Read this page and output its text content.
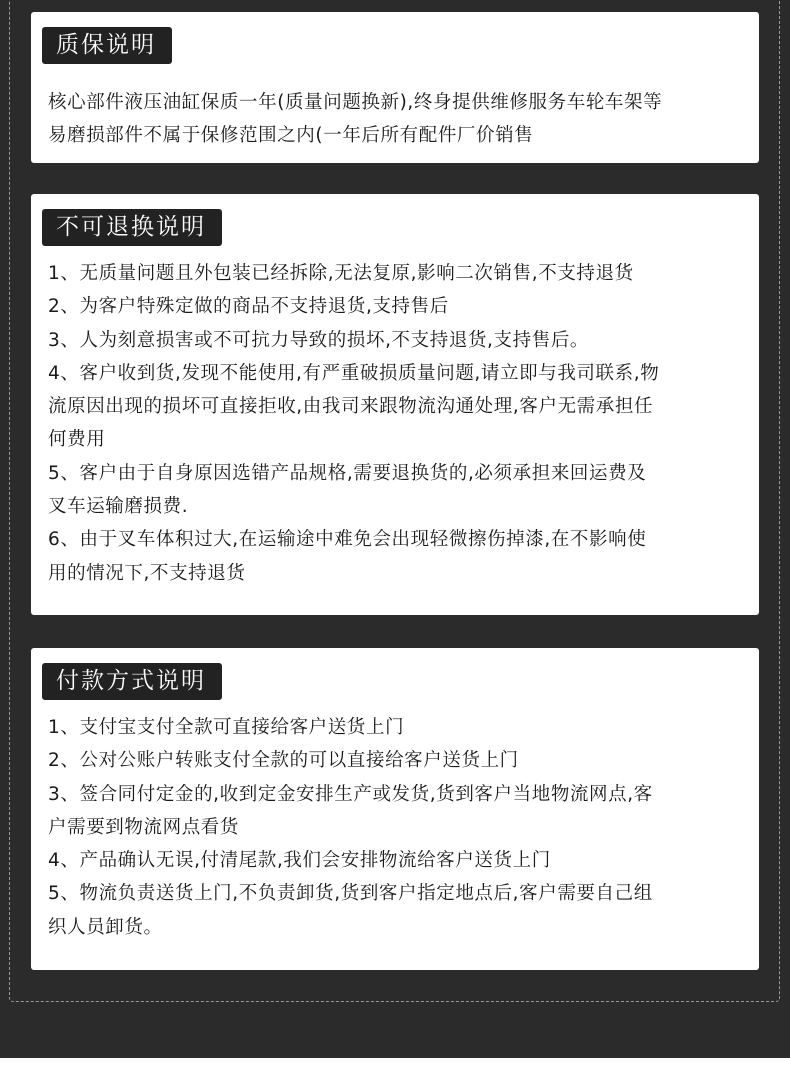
质保说明
核心部件液压油缸保质一年(质量问题换新),终身提供维修服务车轮车架等
易磨损部件不属于保修范围之内(一年后所有配件厂价销售
不可退换说明
1、无质量问题且外包装已经拆除,无法复原,影响二次销售,不支持退货
2、为客户特殊定做的商品不支持退货,支持售后
3、人为刻意损害或不可抗力导致的损坏,不支持退货,支持售后。
4、客户收到货,发现不能使用,有严重破损质量问题,请立即与我司联系,物
流原因出现的损坏可直接拒收,由我司来跟物流沟通处理,客户无需承担任
何费用
5、客户由于自身原因选错产品规格,需要退换货的,必须承担来回运费及
叉车运输磨损费.
6、由于叉车体积过大,在运输途中难免会出现轻微擦伤掉漆,在不影响使
用的情况下,不支持退货
付款方式说明
1、支付宝支付全款可直接给客户送货上门
2、公对公账户转账支付全款的可以直接给客户送货上门
3、签合同付定金的,收到定金安排生产或发货,货到客户当地物流网点,客
户需要到物流网点看货
4、产品确认无误,付清尾款,我们会安排物流给客户送货上门
5、物流负责送货上门,不负责卸货,货到客户指定地点后,客户需要自己组
织人员卸货。
